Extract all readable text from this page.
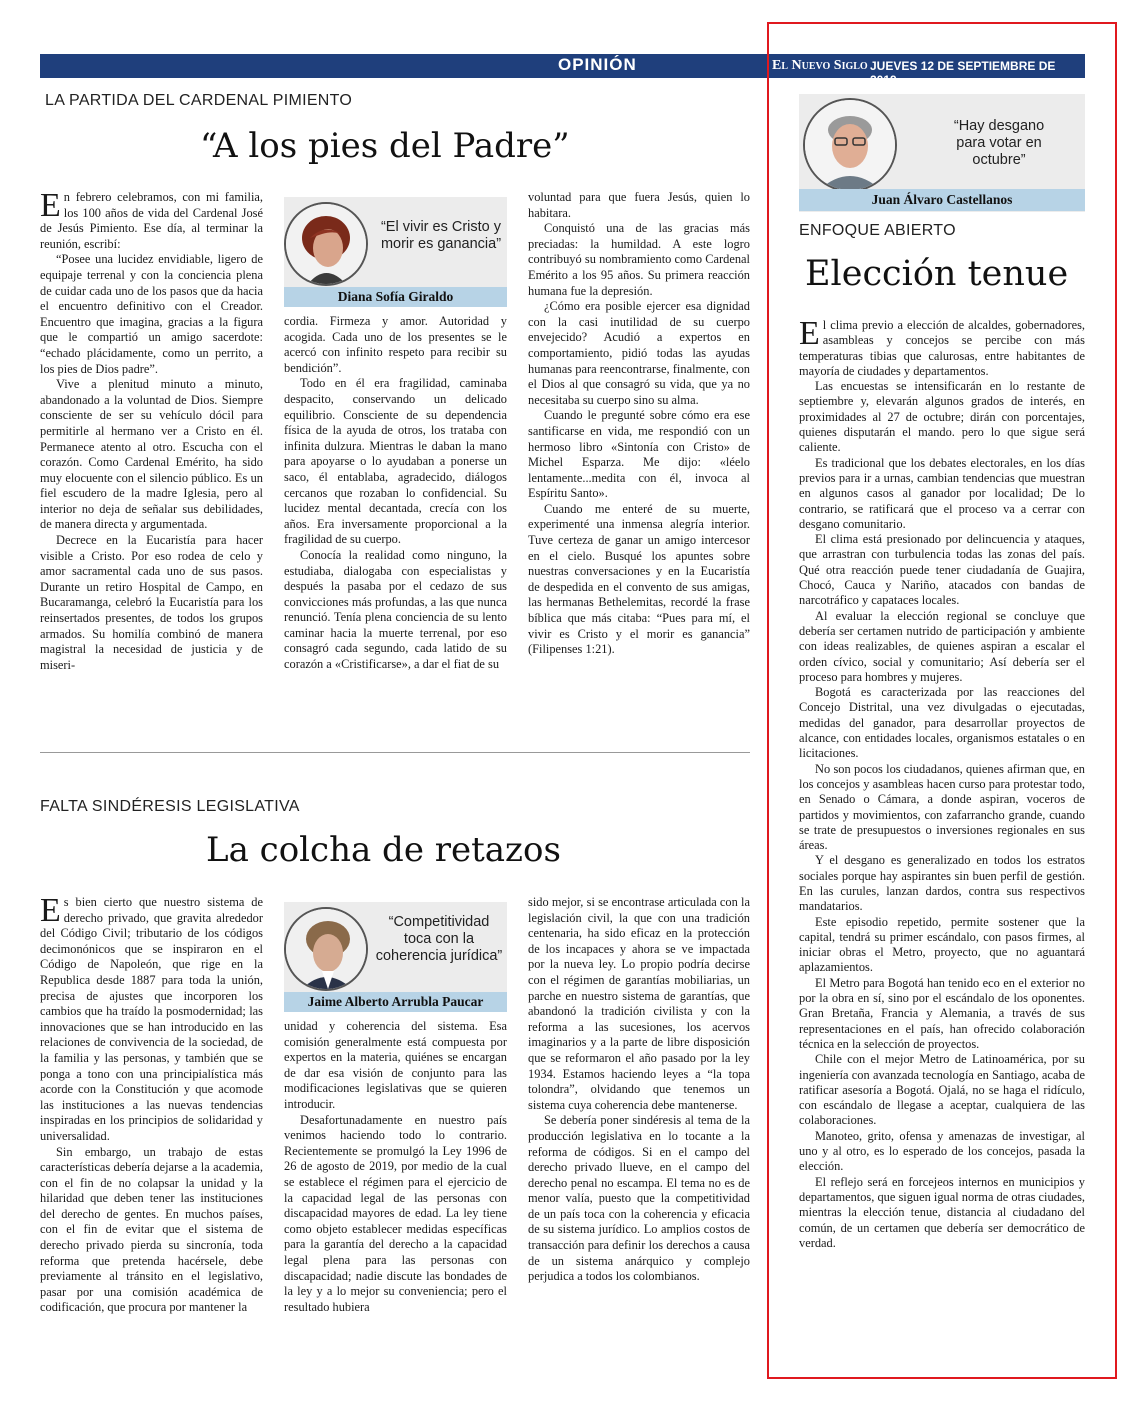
OPINIÓN	El Nuevo Siglo JUEVES 12 DE SEPTIEMBRE DE 2019
9A
LA PARTIDA DEL CARDENAL PIMIENTO
“A los pies del Padre”

En febrero celebramos, con mi familia, los 100 años de vida del Cardenal José de Jesús Pimiento. Ese día, al terminar la reunión, escribí:

“Posee una lucidez envidiable, ligero de equipaje terrenal y con la conciencia plena de cuidar cada uno de los pasos que da hacia el encuentro definitivo con el Creador. Encuentro que imagina, gracias a la figura que le compartió un amigo sacerdote: “echado plácidamente, como un perrito, a los pies de Dios padre”.

Vive a plenitud minuto a minuto, abandonado a la voluntad de Dios. Siempre consciente de ser su vehículo dócil para permitirle al hermano ver a Cristo en él. Permanece atento al otro. Escucha con el corazón. Como Cardenal Emérito, ha sido muy elocuente con el silencio público. Es un fiel escudero de la madre Iglesia, pero al interior no deja de señalar sus debilidades, de manera directa y argumentada.

Decrece en la Eucaristía para hacer visible a Cristo. Por eso rodea de celo y amor sacramental cada uno de sus pasos. Durante un retiro Hospital de Campo, en Bucaramanga, celebró la Eucaristía para los reinsertados presentes, de todos los grupos armados. Su homilía combinó de manera magistral la necesidad de justicia y de miseri-

“El vivir es Cristo y morir es ganancia”
Diana Sofía Giraldo

cordia. Firmeza y amor. Autoridad y acogida. Cada uno de los presentes se le acercó con infinito respeto para recibir su bendición”.

Todo en él era fragilidad, caminaba despacito, conservando un delicado equilibrio. Consciente de su dependencia física de la ayuda de otros, los trataba con infinita dulzura. Mientras le daban la mano para apoyarse o lo ayudaban a ponerse un saco, él entablaba, agradecido, diálogos cercanos que rozaban lo confidencial. Su lucidez mental decantada, crecía con los años. Era inversamente proporcional a la fragilidad de su cuerpo.

Conocía la realidad como ninguno, la estudiaba, dialogaba con especialistas y después la pasaba por el cedazo de sus convicciones más profundas, a las que nunca renunció. Tenía plena conciencia de su lento caminar hacia la muerte terrenal, por eso consagró cada segundo, cada latido de su corazón a «Cristificarse», a dar el fiat de su

voluntad para que fuera Jesús, quien lo habitara.

Conquistó una de las gracias más preciadas: la humildad. A este logro contribuyó su nombramiento como Cardenal Emérito a los 95 años. Su primera reacción humana fue la depresión.

¿Cómo era posible ejercer esa dignidad con la casi inutilidad de su cuerpo envejecido? Acudió a expertos en comportamiento, pidió todas las ayudas humanas para reencontrarse, finalmente, con el Dios al que consagró su vida, que ya no necesitaba su cuerpo sino su alma.

Cuando le pregunté sobre cómo era ese santificarse en vida, me respondió con un hermoso libro «Sintonía con Cristo» de Michel Esparza. Me dijo: «léelo lentamente...medita con él, invoca al Espíritu Santo».

Cuando me enteré de su muerte, experimenté una inmensa alegría interior. Tuve certeza de ganar un amigo intercesor en el cielo. Busqué los apuntes sobre nuestras conversaciones y en la Eucaristía de despedida en el convento de sus amigas, las hermanas Bethelemitas, recordé la frase bíblica que más citaba: “Pues para mí, el vivir es Cristo y el morir es ganancia” (Filipenses 1:21).

FALTA SINDÉRESIS LEGISLATIVA
La colcha de retazos

Es bien cierto que nuestro sistema de derecho privado, que gravita alrededor del Código Civil; tributario de los códigos decimonónicos que se inspiraron en el Código de Napoleón, que rige en la Republica desde 1887 para toda la unión, precisa de ajustes que incorporen los cambios que ha traído la posmodernidad; las innovaciones que se han introducido en las relaciones de convivencia de la sociedad, de la familia y las personas, y también que se ponga a tono con una principialística más acorde con la Constitución y que acomode las instituciones a las nuevas tendencias inspiradas en los principios de solidaridad y universalidad.

Sin embargo, un trabajo de estas características debería dejarse a la academia, con el fin de no colapsar la unidad y la hilaridad que deben tener las instituciones del derecho de gentes. En muchos países, con el fin de evitar que el sistema de derecho privado pierda su sincronía, toda reforma que pretenda hacérsele, debe previamente al tránsito en el legislativo, pasar por una comisión académica de codificación, que procura por mantener la

“Competitividad toca con la coherencia jurídica”
Jaime Alberto Arrubla Paucar

unidad y coherencia del sistema. Esa comisión generalmente está compuesta por expertos en la materia, quiénes se encargan de dar esa visión de conjunto para las modificaciones legislativas que se quieren introducir.

Desafortunadamente en nuestro país venimos haciendo todo lo contrario. Recientemente se promulgó la Ley 1996 de 26 de agosto de 2019, por medio de la cual se establece el régimen para el ejercicio de la capacidad legal de las personas con discapacidad mayores de edad. La ley tiene como objeto establecer medidas específicas para la garantía del derecho a la capacidad legal plena para las personas con discapacidad; nadie discute las bondades de la ley y a lo mejor su conveniencia; pero el resultado hubiera

sido mejor, si se encontrase articulada con la legislación civil, la que con una tradición centenaria, ha sido eficaz en la protección de los incapaces y ahora se ve impactada por la nueva ley. Lo propio podría decirse con el régimen de garantías mobiliarias, un parche en nuestro sistema de garantías, que abandonó la tradición civilista y con la reforma a las sucesiones, los acervos imaginarios y a la parte de libre disposición que se reformaron el año pasado por la ley 1934. Estamos haciendo leyes a “la topa tolondra”, olvidando que tenemos un sistema cuya coherencia debe mantenerse.

Se debería poner sindéresis al tema de la producción legislativa en lo tocante a la reforma de códigos. Si en el campo del derecho privado llueve, en el campo del derecho penal no escampa. El tema no es de menor valía, puesto que la competitividad de un país toca con la coherencia y eficacia de su sistema jurídico. Lo amplios costos de transacción para definir los derechos a causa de un sistema anárquico y complejo perjudica a todos los colombianos.

“Hay desgano para votar en octubre”
Juan Álvaro Castellanos
ENFOQUE ABIERTO
Elección tenue

El clima previo a elección de alcaldes, gobernadores, asambleas y concejos se percibe con más temperaturas tibias que calurosas, entre habitantes de mayoría de ciudades y departamentos.

Las encuestas se intensificarán en lo restante de septiembre y, elevarán algunos grados de interés, en proximidades al 27 de octubre; dirán con porcentajes, quienes disputarán el mando. pero lo que sigue será caliente.

Es tradicional que los debates electorales, en los días previos para ir a urnas, cambian tendencias que muestran en algunos casos al ganador por localidad; De lo contrario, se ratificará que el proceso va a cerrar con desgano comunitario.

El clima está presionado por delincuencia y ataques, que arrastran con turbulencia todas las zonas del país. Qué otra reacción puede tener ciudadanía de Guajira, Chocó, Cauca y Nariño, atacados con bandas de narcotráfico y capataces locales.

Al evaluar la elección regional se concluye que debería ser certamen nutrido de participación y ambiente con ideas realizables, de quienes aspiran a escalar el orden cívico, social y comunitario; Así debería ser el proceso para hombres y mujeres.

Bogotá es caracterizada por las reacciones del Concejo Distrital, una vez divulgadas o ejecutadas, medidas del ganador, para desarrollar proyectos de alcance, con entidades locales, organismos estatales o en licitaciones.

No son pocos los ciudadanos, quienes afirman que, en los concejos y asambleas hacen curso para protestar todo, en Senado o Cámara, a donde aspiran, voceros de partidos y movimientos, con zafarrancho grande, cuando se trate de presupuestos o inversiones regionales en sus áreas.

Y el desgano es generalizado en todos los estratos sociales porque hay aspirantes sin buen perfil de gestión. En las curules, lanzan dardos, contra sus respectivos mandatarios.

Este episodio repetido, permite sostener que la capital, tendrá su primer escándalo, con pasos firmes, al iniciar obras el Metro, proyecto, que no aguantará aplazamientos.

El Metro para Bogotá han tenido eco en el exterior no por la obra en sí, sino por el escándalo de los oponentes. Gran Bretaña, Francia y Alemania, a través de sus representaciones en el país, han ofrecido colaboración técnica en la selección de proyectos.

Chile con el mejor Metro de Latinoamérica, por su ingeniería con avanzada tecnología en Santiago, acaba de ratificar asesoría a Bogotá. Ojalá, no se haga el ridículo, con escándalo de llegase a aceptar, cualquiera de las colaboraciones.

Manoteo, grito, ofensa y amenazas de investigar, al uno y al otro, es lo esperado de los concejos, pasada la elección.

El reflejo será en forcejeos internos en municipios y departamentos, que siguen igual norma de otras ciudades, mientras la elección tenue, distancia al ciudadano del común, de un certamen que debería ser democrático de verdad.
